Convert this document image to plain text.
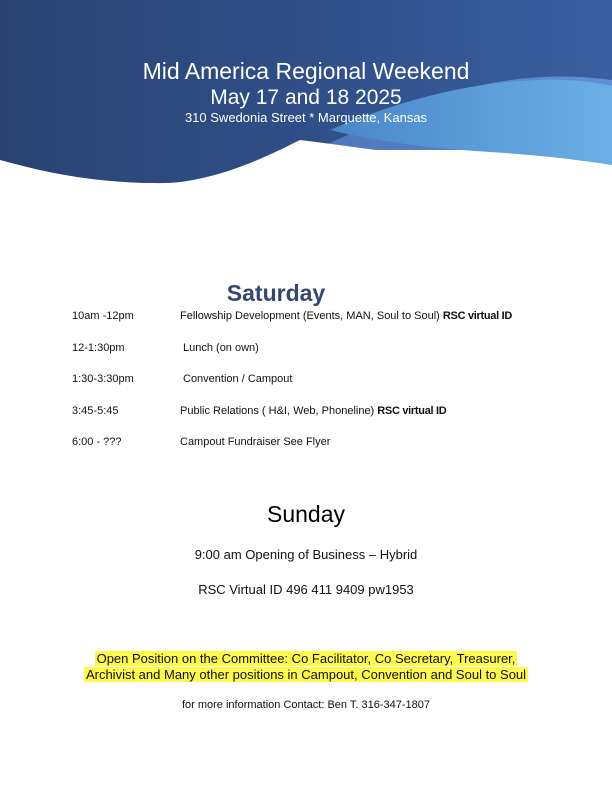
Mid America Regional Weekend
May 17 and 18 2025
310 Swedonia Street * Marquette, Kansas
Saturday
10am -12pm	Fellowship Development (Events, MAN, Soul to Soul) RSC virtual ID
12-1:30pm	Lunch (on own)
1:30-3:30pm	Convention / Campout
3:45-5:45	Public Relations ( H&I, Web, Phoneline) RSC virtual ID
6:00 - ???	Campout Fundraiser See Flyer
Sunday
9:00 am Opening of Business – Hybrid
RSC Virtual ID 496 411 9409 pw1953
Open Position on the Committee: Co Facilitator, Co Secretary, Treasurer,
Archivist and Many other positions in Campout, Convention and Soul to Soul
for more information Contact: Ben T. 316-347-1807
